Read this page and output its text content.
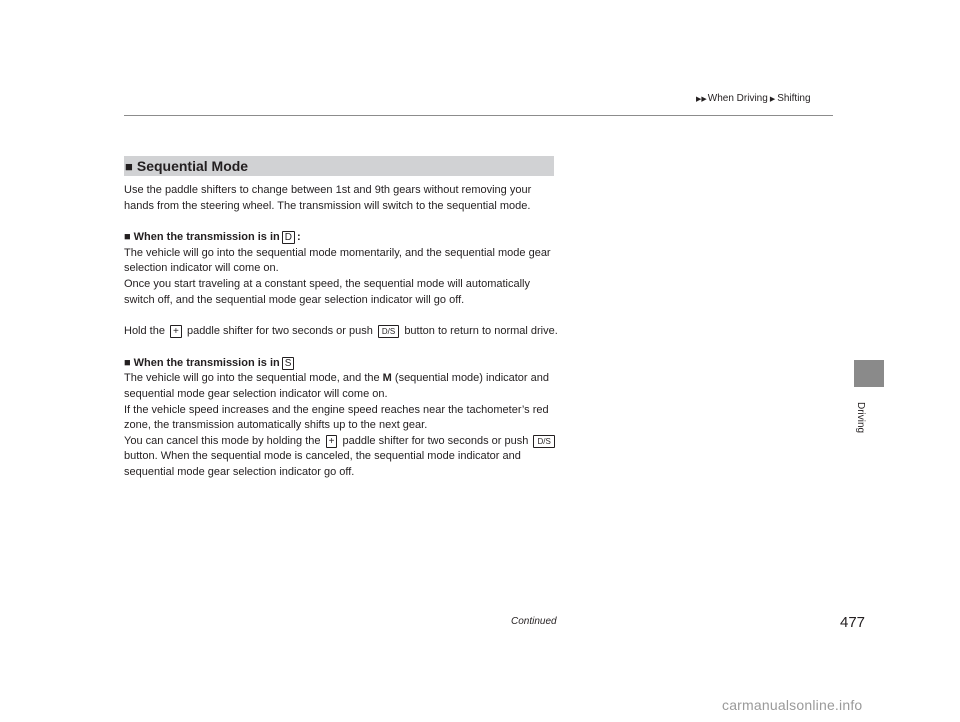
▶▶ When Driving ▶ Shifting
Driving
■ Sequential Mode

Use the paddle shifters to change between 1st and 9th gears without removing your hands from the steering wheel. The transmission will switch to the sequential mode.

■ When the transmission is in D :

The vehicle will go into the sequential mode momentarily, and the sequential mode gear selection indicator will come on.

Once you start traveling at a constant speed, the sequential mode will automatically switch off, and the sequential mode gear selection indicator will go off.

Hold the + paddle shifter for two seconds or push D/S button to return to normal drive.

■ When the transmission is in S

The vehicle will go into the sequential mode, and the M (sequential mode) indicator and sequential mode gear selection indicator will come on.

If the vehicle speed increases and the engine speed reaches near the tachometer’s red zone, the transmission automatically shifts up to the next gear.

You can cancel this mode by holding the + paddle shifter for two seconds or push D/S button. When the sequential mode is canceled, the sequential mode indicator and sequential mode gear selection indicator go off.

Continued	477
carmanualsonline.info
